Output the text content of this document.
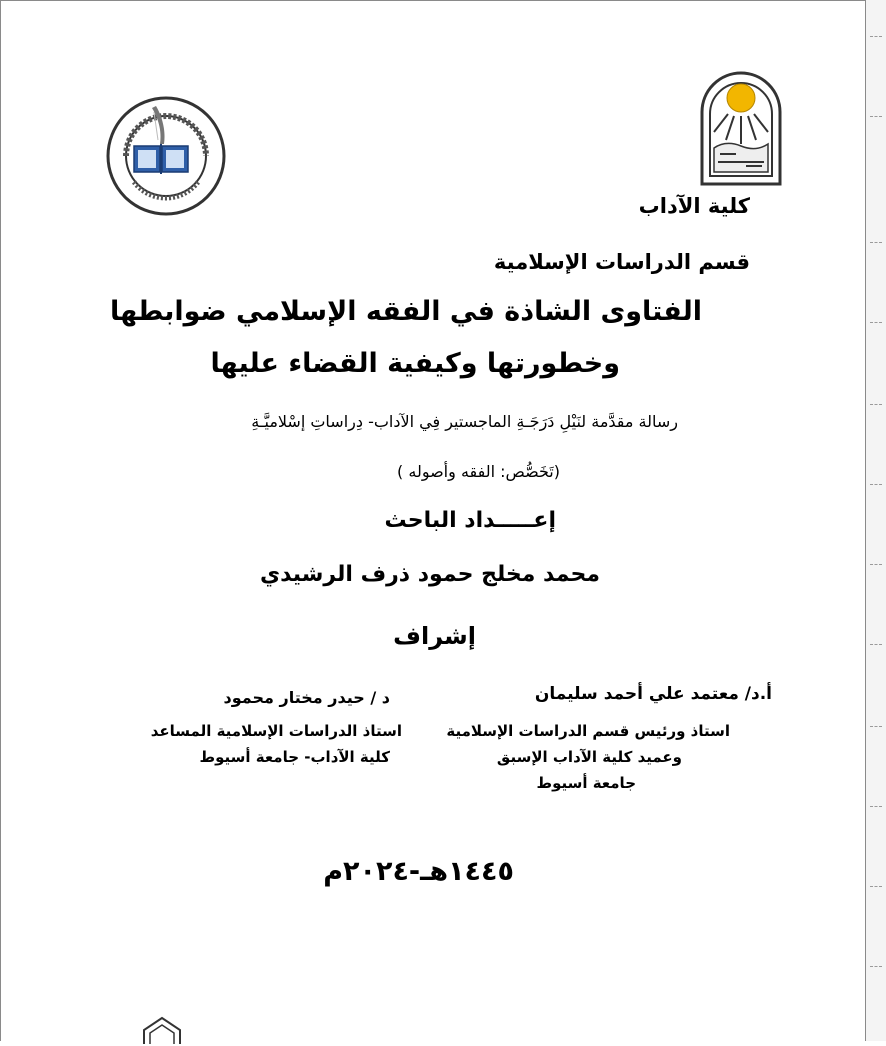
كلية الآداب
قسم الدراسات الإسلامية
الفتاوى الشاذة في الفقه الإسلامي ضوابطها
وخطورتها وكيفية القضاء عليها
رسالة مقدَّمة لنَيْلِ دَرَجَـةِ الماجستير فِي الآداب- دِراساتِ إسْلاميَّـةِ
(تَخَصُّص: الفقه وأصوله )
إعـــــداد الباحث
محمد مخلج حمود ذرف الرشيدي
إشراف
أ.د/ معتمد علي أحمد سليمان
استاذ ورئيس قسم الدراسات الإسلامية
وعميد كلية الآداب الإسبق
جامعة أسيوط
د / حيدر مختار محمود
استاذ الدراسات الإسلامية المساعد
كلية الآداب- جامعة أسيوط
١٤٤٥هـ-٢٠٢٤م
